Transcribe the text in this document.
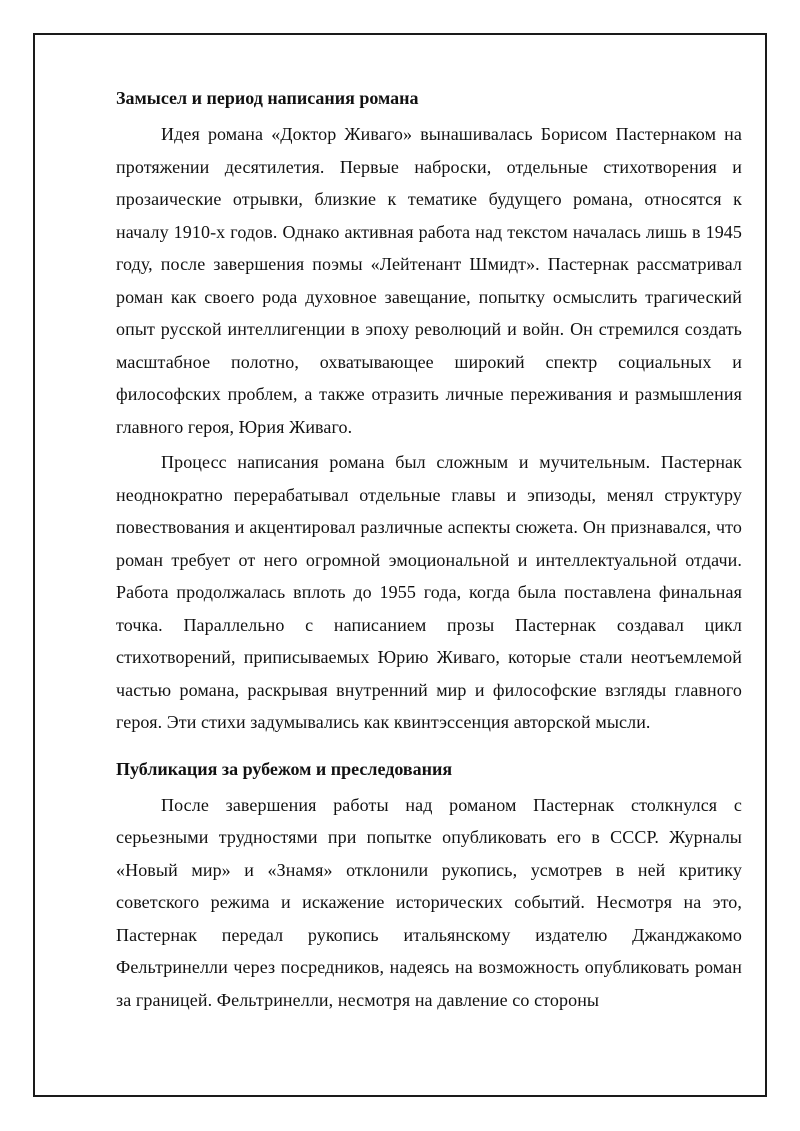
Замысел и период написания романа

Идея романа «Доктор Живаго» вынашивалась Борисом Пастернаком на протяжении десятилетия. Первые наброски, отдельные стихотворения и прозаические отрывки, близкие к тематике будущего романа, относятся к началу 1910-х годов. Однако активная работа над текстом началась лишь в 1945 году, после завершения поэмы «Лейтенант Шмидт». Пастернак рассматривал роман как своего рода духовное завещание, попытку осмыслить трагический опыт русской интеллигенции в эпоху революций и войн. Он стремился создать масштабное полотно, охватывающее широкий спектр социальных и философских проблем, а также отразить личные переживания и размышления главного героя, Юрия Живаго.

Процесс написания романа был сложным и мучительным. Пастернак неоднократно перерабатывал отдельные главы и эпизоды, менял структуру повествования и акцентировал различные аспекты сюжета. Он признавался, что роман требует от него огромной эмоциональной и интеллектуальной отдачи. Работа продолжалась вплоть до 1955 года, когда была поставлена финальная точка. Параллельно с написанием прозы Пастернак создавал цикл стихотворений, приписываемых Юрию Живаго, которые стали неотъемлемой частью романа, раскрывая внутренний мир и философские взгляды главного героя. Эти стихи задумывались как квинтэссенция авторской мысли.

Публикация за рубежом и преследования

После завершения работы над романом Пастернак столкнулся с серьезными трудностями при попытке опубликовать его в СССР. Журналы «Новый мир» и «Знамя» отклонили рукопись, усмотрев в ней критику советского режима и искажение исторических событий. Несмотря на это, Пастернак передал рукопись итальянскому издателю Джанджакомо Фельтринелли через посредников, надеясь на возможность опубликовать роман за границей. Фельтринелли, несмотря на давление со стороны
